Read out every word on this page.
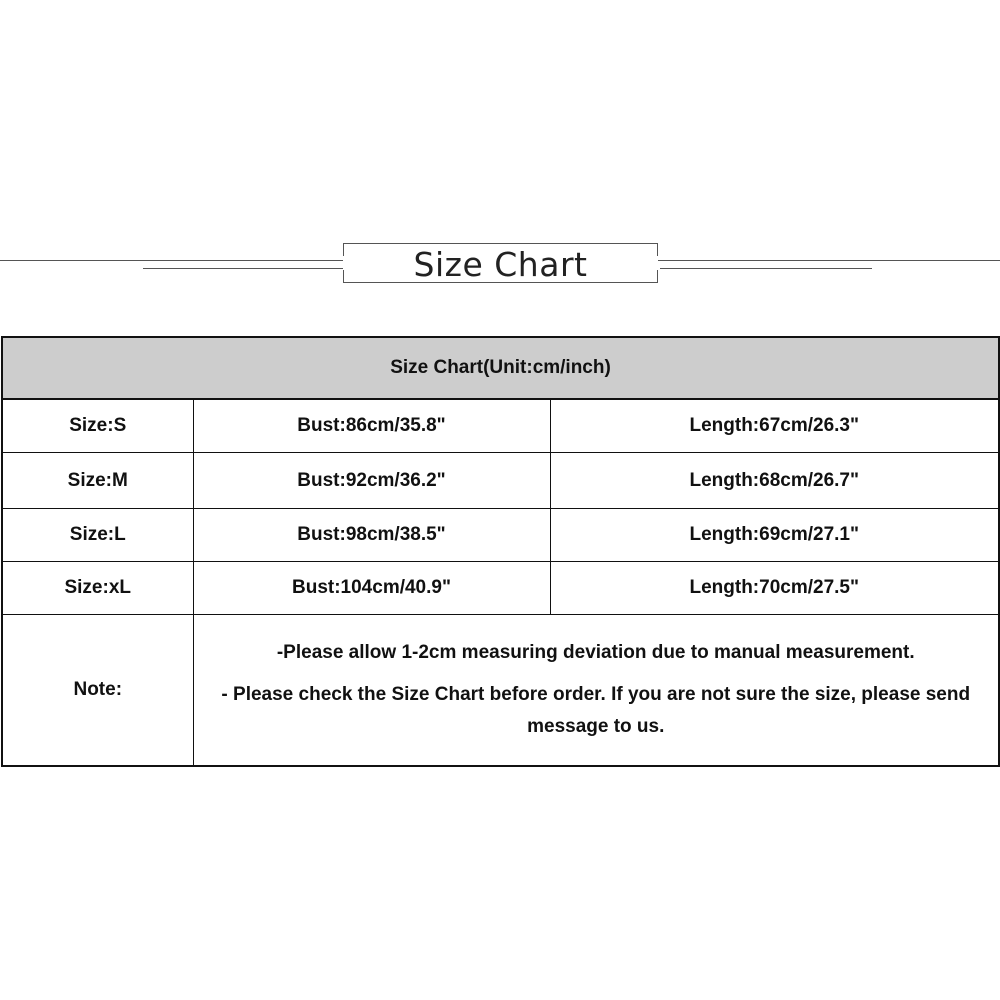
Size Chart
Size Chart(Unit:cm/inch)		
Size:S	Bust:86cm/35.8"	Length:67cm/26.3"
Size:M	Bust:92cm/36.2"	Length:68cm/26.7"
Size:L	Bust:98cm/38.5"	Length:69cm/27.1"
Size:xL	Bust:104cm/40.9"	Length:70cm/27.5"
Note:	-Please allow 1-2cm measuring deviation due to manual measurement.
- Please check the Size Chart before order. If you are not sure the size, please send message to us.	
